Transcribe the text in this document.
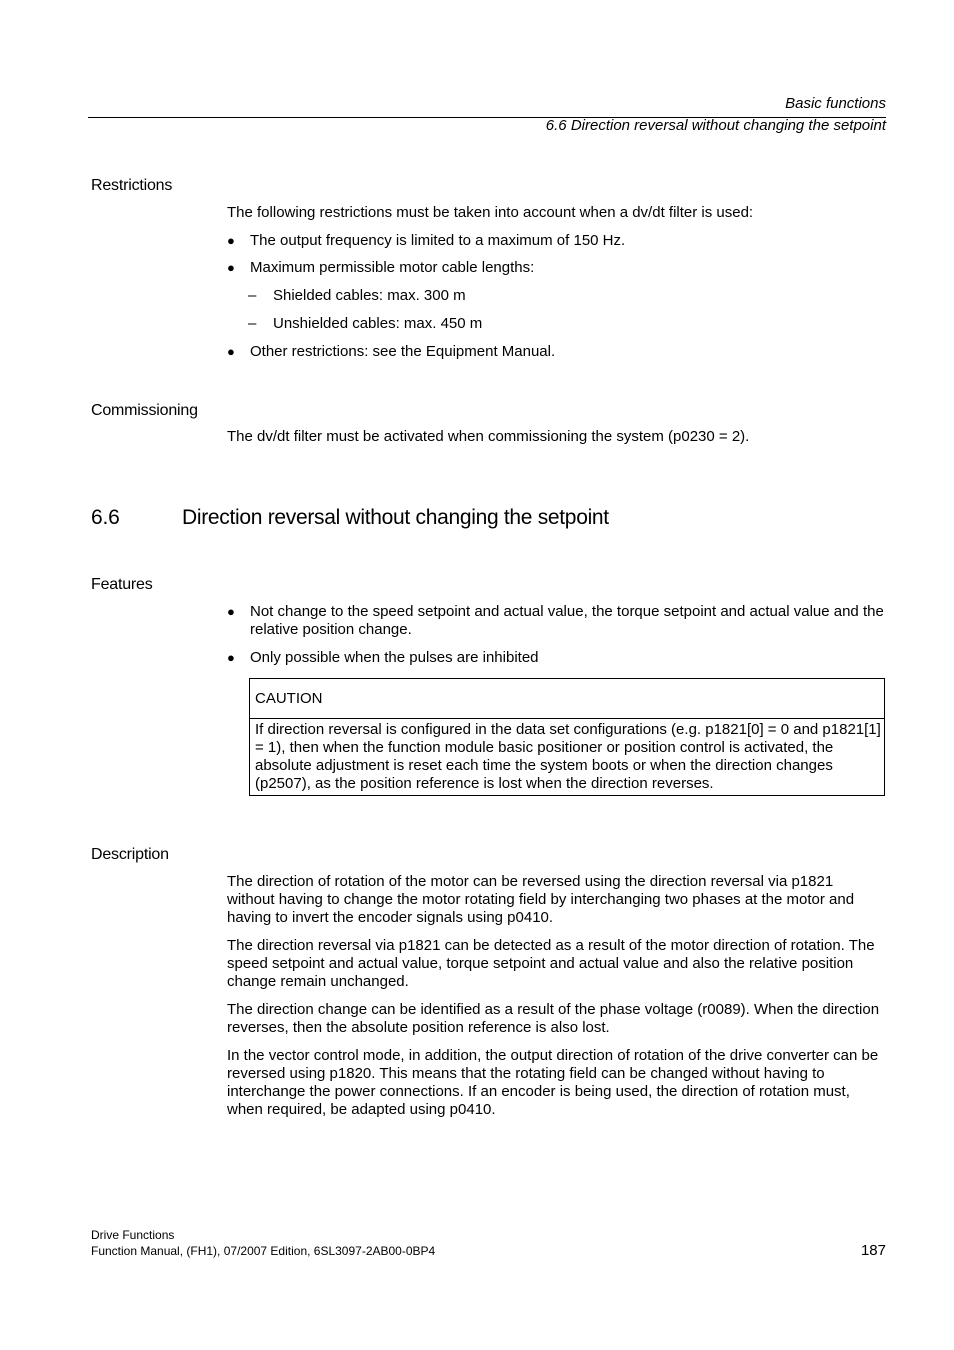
Basic functions
6.6 Direction reversal without changing the setpoint
Restrictions
The following restrictions must be taken into account when a dv/dt filter is used:
● The output frequency is limited to a maximum of 150 Hz.
● Maximum permissible motor cable lengths:
– Shielded cables: max. 300 m
– Unshielded cables: max. 450 m
● Other restrictions: see the Equipment Manual.
Commissioning
The dv/dt filter must be activated when commissioning the system (p0230 = 2).
6.6	Direction reversal without changing the setpoint
Features
● Not change to the speed setpoint and actual value, the torque setpoint and actual value and the relative position change.
● Only possible when the pulses are inhibited
CAUTION
If direction reversal is configured in the data set configurations (e.g. p1821[0] = 0 and p1821[1] = 1), then when the function module basic positioner or position control is activated, the absolute adjustment is reset each time the system boots or when the direction changes (p2507), as the position reference is lost when the direction reverses.
Description
The direction of rotation of the motor can be reversed using the direction reversal via p1821 without having to change the motor rotating field by interchanging two phases at the motor and having to invert the encoder signals using p0410.
The direction reversal via p1821 can be detected as a result of the motor direction of rotation. The speed setpoint and actual value, torque setpoint and actual value and also the relative position change remain unchanged.
The direction change can be identified as a result of the phase voltage (r0089). When the direction reverses, then the absolute position reference is also lost.
In the vector control mode, in addition, the output direction of rotation of the drive converter can be reversed using p1820. This means that the rotating field can be changed without having to interchange the power connections. If an encoder is being used, the direction of rotation must, when required, be adapted using p0410.
Drive Functions
Function Manual, (FH1), 07/2007 Edition, 6SL3097-2AB00-0BP4	187
